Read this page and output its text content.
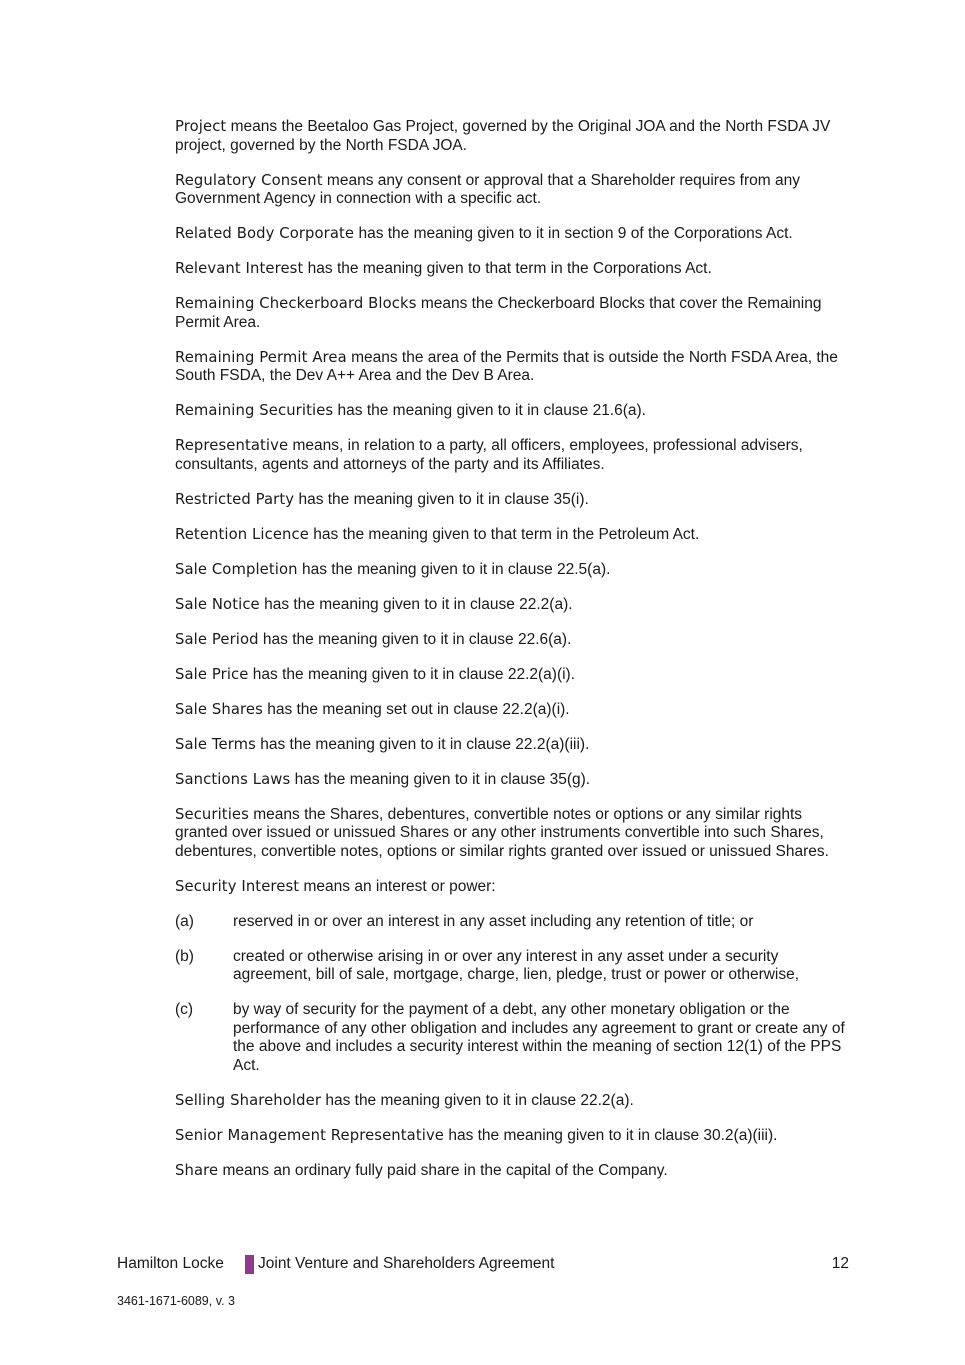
Project means the Beetaloo Gas Project, governed by the Original JOA and the North FSDA JV project, governed by the North FSDA JOA.

Regulatory Consent means any consent or approval that a Shareholder requires from any Government Agency in connection with a specific act.

Related Body Corporate has the meaning given to it in section 9 of the Corporations Act.

Relevant Interest has the meaning given to that term in the Corporations Act.

Remaining Checkerboard Blocks means the Checkerboard Blocks that cover the Remaining Permit Area.

Remaining Permit Area means the area of the Permits that is outside the North FSDA Area, the South FSDA, the Dev A++ Area and the Dev B Area.

Remaining Securities has the meaning given to it in clause 21.6(a).

Representative means, in relation to a party, all officers, employees, professional advisers, consultants, agents and attorneys of the party and its Affiliates.

Restricted Party has the meaning given to it in clause 35(i).

Retention Licence has the meaning given to that term in the Petroleum Act.

Sale Completion has the meaning given to it in clause 22.5(a).

Sale Notice has the meaning given to it in clause 22.2(a).

Sale Period has the meaning given to it in clause 22.6(a).

Sale Price has the meaning given to it in clause 22.2(a)(i).

Sale Shares has the meaning set out in clause 22.2(a)(i).

Sale Terms has the meaning given to it in clause 22.2(a)(iii).

Sanctions Laws has the meaning given to it in clause 35(g).

Securities means the Shares, debentures, convertible notes or options or any similar rights granted over issued or unissued Shares or any other instruments convertible into such Shares, debentures, convertible notes, options or similar rights granted over issued or unissued Shares.

Security Interest means an interest or power:

(a)	reserved in or over an interest in any asset including any retention of title; or
(b)	created or otherwise arising in or over any interest in any asset under a security agreement, bill of sale, mortgage, charge, lien, pledge, trust or power or otherwise,
(c)	by way of security for the payment of a debt, any other monetary obligation or the performance of any other obligation and includes any agreement to grant or create any of the above and includes a security interest within the meaning of section 12(1) of the PPS Act.

Selling Shareholder has the meaning given to it in clause 22.2(a).

Senior Management Representative has the meaning given to it in clause 30.2(a)(iii).

Share means an ordinary fully paid share in the capital of the Company.

Hamilton Locke Joint Venture and Shareholders Agreement	12
3461-1671-6089, v. 3
